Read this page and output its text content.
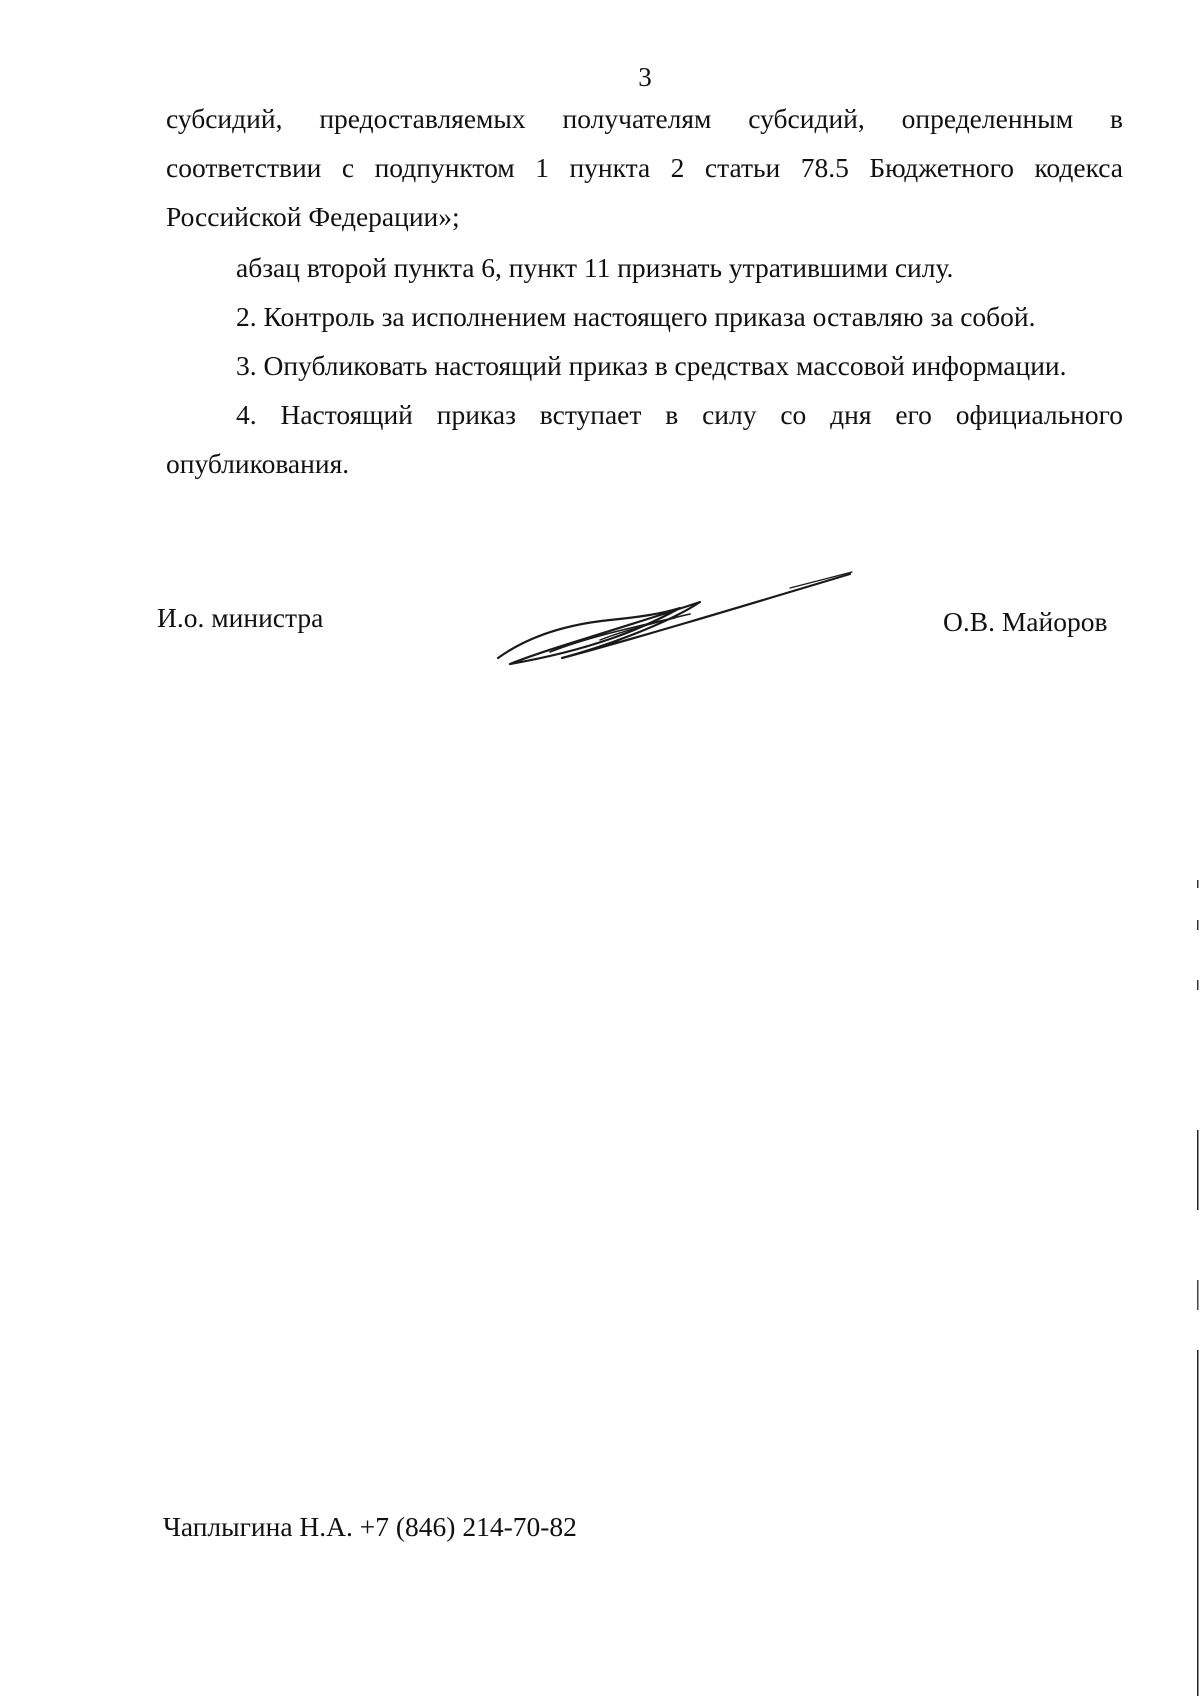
3

субсидий, предоставляемых получателям субсидий, определенным в соответствии с подпунктом 1 пункта 2 статьи 78.5 Бюджетного кодекса Российской Федерации»;

абзац второй пункта 6, пункт 11 признать утратившими силу.

2. Контроль за исполнением настоящего приказа оставляю за собой.

3. Опубликовать настоящий приказ в средствах массовой информации.

4. Настоящий приказ вступает в силу со дня его официального опубликования.

И.о. министра	О.В. Майоров
Чаплыгина Н.А. +7 (846) 214-70-82
